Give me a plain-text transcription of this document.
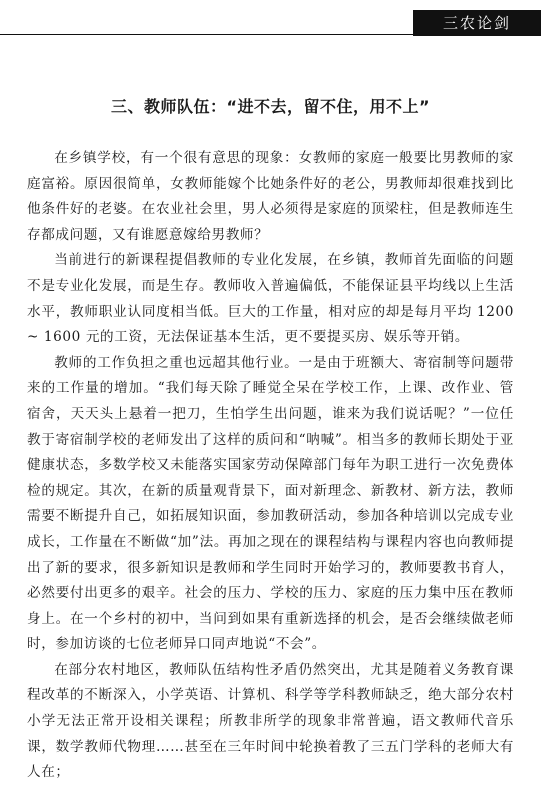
三农论剑
三、教师队伍：“进不去，留不住，用不上”

在乡镇学校，有一个很有意思的现象：女教师的家庭一般要比男教师的家庭富裕。原因很简单，女教师能嫁个比她条件好的老公，男教师却很难找到比他条件好的老婆。在农业社会里，男人必须得是家庭的顶梁柱，但是教师连生存都成问题，又有谁愿意嫁给男教师？

当前进行的新课程提倡教师的专业化发展，在乡镇，教师首先面临的问题不是专业化发展，而是生存。教师收入普遍偏低，不能保证县平均线以上生活水平，教师职业认同度相当低。巨大的工作量，相对应的却是每月平均 1200 ~ 1600 元的工资，无法保证基本生活，更不要提买房、娱乐等开销。

教师的工作负担之重也远超其他行业。一是由于班额大、寄宿制等问题带来的工作量的增加。“我们每天除了睡觉全呆在学校工作，上课、改作业、管宿舍，天天头上悬着一把刀，生怕学生出问题，谁来为我们说话呢？”一位任教于寄宿制学校的老师发出了这样的质问和“呐喊”。相当多的教师长期处于亚健康状态，多数学校又未能落实国家劳动保障部门每年为职工进行一次免费体检的规定。其次，在新的质量观背景下，面对新理念、新教材、新方法，教师需要不断提升自己，如拓展知识面，参加教研活动，参加各种培训以完成专业成长，工作量在不断做“加”法。再加之现在的课程结构与课程内容也向教师提出了新的要求，很多新知识是教师和学生同时开始学习的，教师要教书育人，必然要付出更多的艰辛。社会的压力、学校的压力、家庭的压力集中压在教师身上。在一个乡村的初中，当问到如果有重新选择的机会，是否会继续做老师时，参加访谈的七位老师异口同声地说“不会”。

在部分农村地区，教师队伍结构性矛盾仍然突出，尤其是随着义务教育课程改革的不断深入，小学英语、计算机、科学等学科教师缺乏，绝大部分农村小学无法正常开设相关课程；所教非所学的现象非常普遍，语文教师代音乐课，数学教师代物理……甚至在三年时间中轮换着教了三五门学科的老师大有人在；
